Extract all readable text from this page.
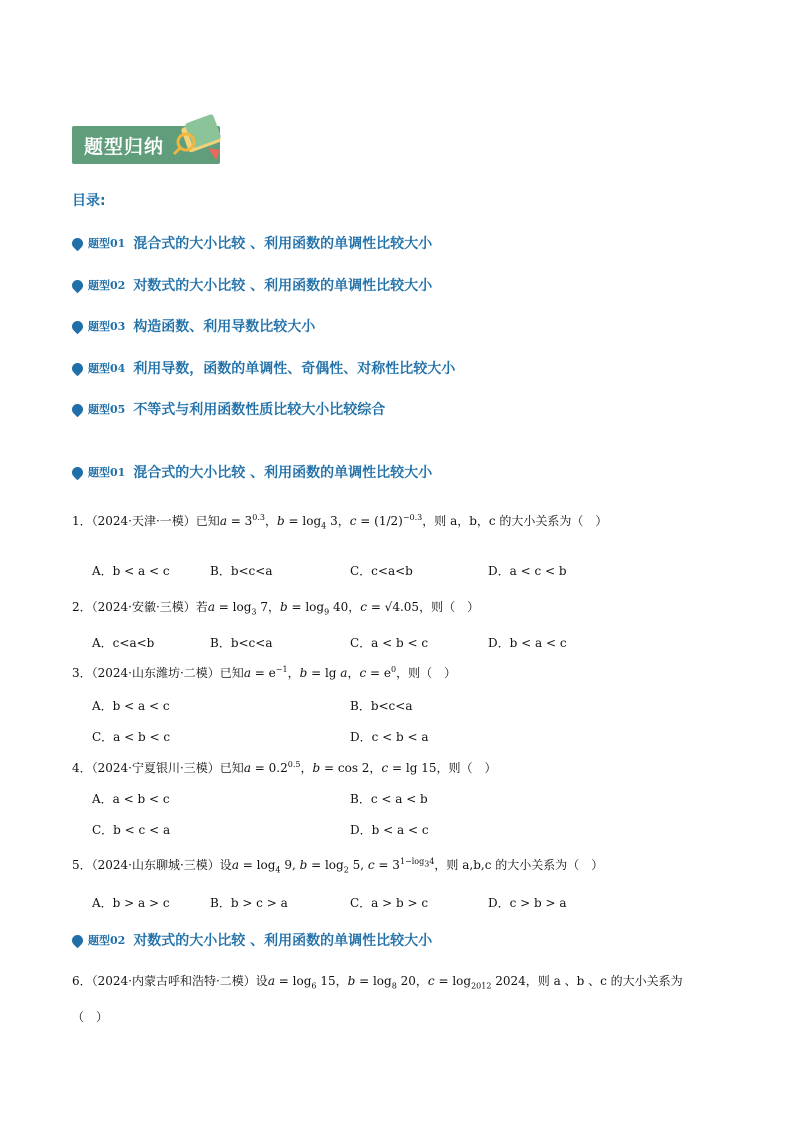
题型归纳
目录:
题型01 混合式的大小比较 、利用函数的单调性比较大小
题型02 对数式的大小比较 、利用函数的单调性比较大小
题型03 构造函数、利用导数比较大小
题型04 利用导数，函数的单调性、奇偶性、对称性比较大小
题型05 不等式与利用函数性质比较大小比较综合
题型01 混合式的大小比较 、利用函数的单调性比较大小
1．（2024·天津·一模）已知$a = 3^{0.3}$，$b = \log_4 3$，$c = (1/2)^{-0.3}$，则 a，b，c 的大小关系为（　）
A．b < a < c	B．b<c<a	C．c<a<b	D．a < c < b
2．（2024·安徽·三模）若$a = \log_3 7$，$b = \log_9 40$，c = √4.05，则（　）
A．c<a<b	B．b<c<a	C．a < b < c	D．b < a < c
3．（2024·山东潍坊·二模）已知$a = e^{-1}$，b = lg a，$c = e^0$，则（　）
A．b < a < c	B．b<c<a
C．a < b < c	D．c < b < a
4．（2024·宁夏银川·三模）已知$a = 0.2^{0.5}$，b = cos 2，c = lg 15，则（　）
A．a < b < c	B．c < a < b
C．b < c < a	D．b < a < c
5．（2024·山东聊城·三模）设$a = \log_4 9$, $b = \log_2 5$, $c = 3^{1-log_34}$，则 a,b,c 的大小关系为（　）
A．b > a > c	B．b > c > a	C．a > b > c	D．c > b > a
题型02 对数式的大小比较 、利用函数的单调性比较大小
6．（2024·内蒙古呼和浩特·二模）设$a = \log_6 15$，$b = \log_8 20$，$c = \log_{2012} 2024$，则 a 、b 、c 的大小关系为
（　）
